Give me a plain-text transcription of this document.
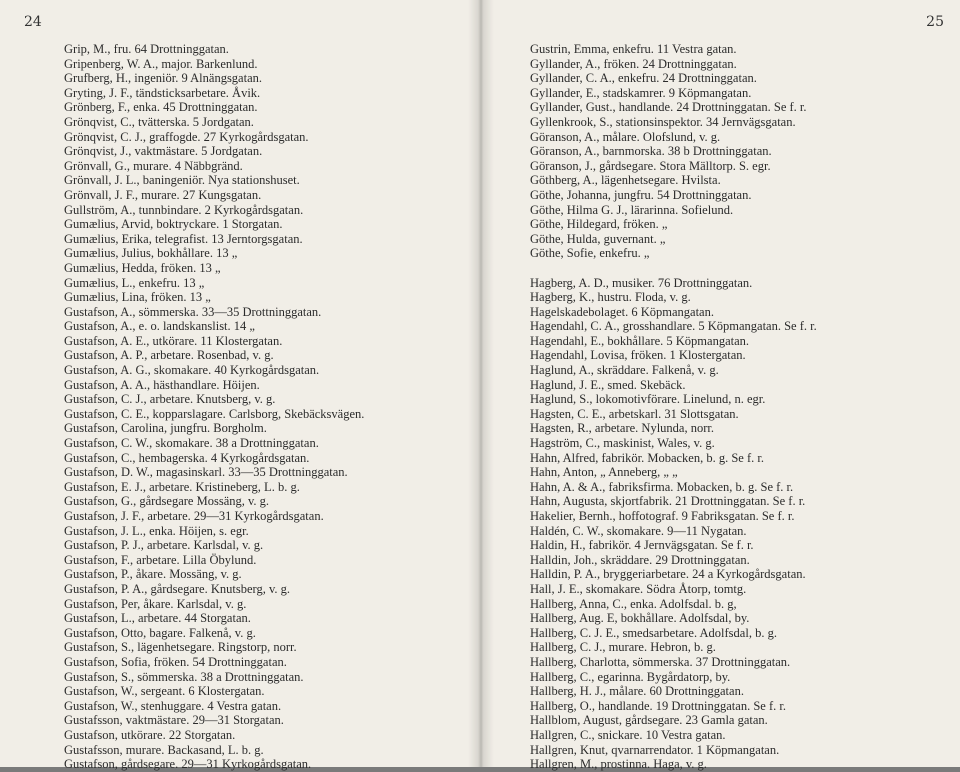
24
Grip, M., fru. 64 Drottninggatan.
Gripenberg, W. A., major. Barkenlund.
Grufberg, H., ingeniör. 9 Alnängsgatan.
Gryting, J. F., tändsticksarbetare. Åvik.
Grönberg, F., enka. 45 Drottninggatan.
Grönqvist, C., tvätterska. 5 Jordgatan.
Grönqvist, C. J., graffogde. 27 Kyrkogårdsgatan.
Grönqvist, J., vaktmästare. 5 Jordgatan.
Grönvall, G., murare. 4 Näbbgränd.
Grönvall, J. L., baningeniör. Nya stationshuset.
Grönvall, J. F., murare. 27 Kungsgatan.
Gullström, A., tunnbindare. 2 Kyrkogårdsgatan.
Gumælius, Arvid, boktryckare. 1 Storgatan.
Gumælius, Erika, telegrafist. 13 Jerntorgsgatan.
Gumælius, Julius, bokhållare. 13 „
Gumælius, Hedda, fröken. 13 „
Gumælius, L., enkefru. 13 „
Gumælius, Lina, fröken. 13 „
Gustafson, A., sömmerska. 33—35 Drottninggatan.
Gustafson, A., e. o. landskanslist. 14 „
Gustafson, A. E., utkörare. 11 Klostergatan.
Gustafson, A. P., arbetare. Rosenbad, v. g.
Gustafson, A. G., skomakare. 40 Kyrkogårdsgatan.
Gustafson, A. A., hästhandlare. Höijen.
Gustafson, C. J., arbetare. Knutsberg, v. g.
Gustafson, C. E., kopparslagare. Carlsborg, Skebäcksvägen.
Gustafson, Carolina, jungfru. Borgholm.
Gustafson, C. W., skomakare. 38 a Drottninggatan.
Gustafson, C., hembagerska. 4 Kyrkogårdsgatan.
Gustafson, D. W., magasinskarl. 33—35 Drottninggatan.
Gustafson, E. J., arbetare. Kristineberg, L. b. g.
Gustafson, G., gårdsegare Mossäng, v. g.
Gustafson, J. F., arbetare. 29—31 Kyrkogårdsgatan.
Gustafson, J. L., enka. Höijen, s. egr.
Gustafson, P. J., arbetare. Karlsdal, v. g.
Gustafson, F., arbetare. Lilla Öbylund.
Gustafson, P., åkare. Mossäng, v. g.
Gustafson, P. A., gårdsegare. Knutsberg, v. g.
Gustafson, Per, åkare. Karlsdal, v. g.
Gustafson, L., arbetare. 44 Storgatan.
Gustafson, Otto, bagare. Falkenå, v. g.
Gustafson, S., lägenhetsegare. Ringstorp, norr.
Gustafson, Sofia, fröken. 54 Drottninggatan.
Gustafson, S., sömmerska. 38 a Drottninggatan.
Gustafson, W., sergeant. 6 Klostergatan.
Gustafson, W., stenhuggare. 4 Vestra gatan.
Gustafsson, vaktmästare. 29—31 Storgatan.
Gustafson, utkörare. 22 Storgatan.
Gustafsson, murare. Backasand, L. b. g.
Gustafson, gårdsegare. 29—31 Kyrkogårdsgatan.
25
Gustrin, Emma, enkefru. 11 Vestra gatan.
Gyllander, A., fröken. 24 Drottninggatan.
Gyllander, C. A., enkefru. 24 Drottninggatan.
Gyllander, E., stadskamrer. 9 Köpmangatan.
Gyllander, Gust., handlande. 24 Drottninggatan. Se f. r.
Gyllenkrook, S., stationsinspektor. 34 Jernvägsgatan.
Göranson, A., målare. Olofslund, v. g.
Göranson, A., barnmorska. 38 b Drottninggatan.
Göranson, J., gårdsegare. Stora Mälltorp. S. egr.
Göthberg, A., lägenhetsegare. Hvilsta.
Göthe, Johanna, jungfru. 54 Drottninggatan.
Göthe, Hilma G. J., lärarinna. Sofielund.
Göthe, Hildegard, fröken. „
Göthe, Hulda, guvernant. „
Göthe, Sofie, enkefru. „
Hagberg, A. D., musiker. 76 Drottninggatan.
Hagberg, K., hustru. Floda, v. g.
Hagelskadebolaget. 6 Köpmangatan.
Hagendahl, C. A., grosshandlare. 5 Köpmangatan. Se f. r.
Hagendahl, E., bokhållare. 5 Köpmangatan.
Hagendahl, Lovisa, fröken. 1 Klostergatan.
Haglund, A., skräddare. Falkenå, v. g.
Haglund, J. E., smed. Skebäck.
Haglund, S., lokomotivförare. Linelund, n. egr.
Hagsten, C. E., arbetskarl. 31 Slottsgatan.
Hagsten, R., arbetare. Nylunda, norr.
Hagström, C., maskinist, Wales, v. g.
Hahn, Alfred, fabrikör. Mobacken, b. g. Se f. r.
Hahn, Anton, „ Anneberg, „ „
Hahn, A. & A., fabriksfirma. Mobacken, b. g. Se f. r.
Hahn, Augusta, skjortfabrik. 21 Drottninggatan. Se f. r.
Hakelier, Bernh., hoffotograf. 9 Fabriksgatan. Se f. r.
Haldén, C. W., skomakare. 9—11 Nygatan.
Haldin, H., fabrikör. 4 Jernvägsgatan. Se f. r.
Halldin, Joh., skräddare. 29 Drottninggatan.
Halldin, P. A., bryggeriarbetare. 24 a Kyrkogårdsgatan.
Hall, J. E., skomakare. Södra Åtorp, tomtg.
Hallberg, Anna, C., enka. Adolfsdal. b. g,
Hallberg, Aug. E, bokhållare. Adolfsdal, by.
Hallberg, C. J. E., smedsarbetare. Adolfsdal, b. g.
Hallberg, C. J., murare. Hebron, b. g.
Hallberg, Charlotta, sömmerska. 37 Drottninggatan.
Hallberg, C., egarinna. Bygårdatorp, by.
Hallberg, H. J., målare. 60 Drottninggatan.
Hallberg, O., handlande. 19 Drottninggatan. Se f. r.
Hallblom, August, gårdsegare. 23 Gamla gatan.
Hallgren, C., snickare. 10 Vestra gatan.
Hallgren, Knut, qvarnarrendator. 1 Köpmangatan.
Hallgren, M., prostinna. Haga, v. g.
